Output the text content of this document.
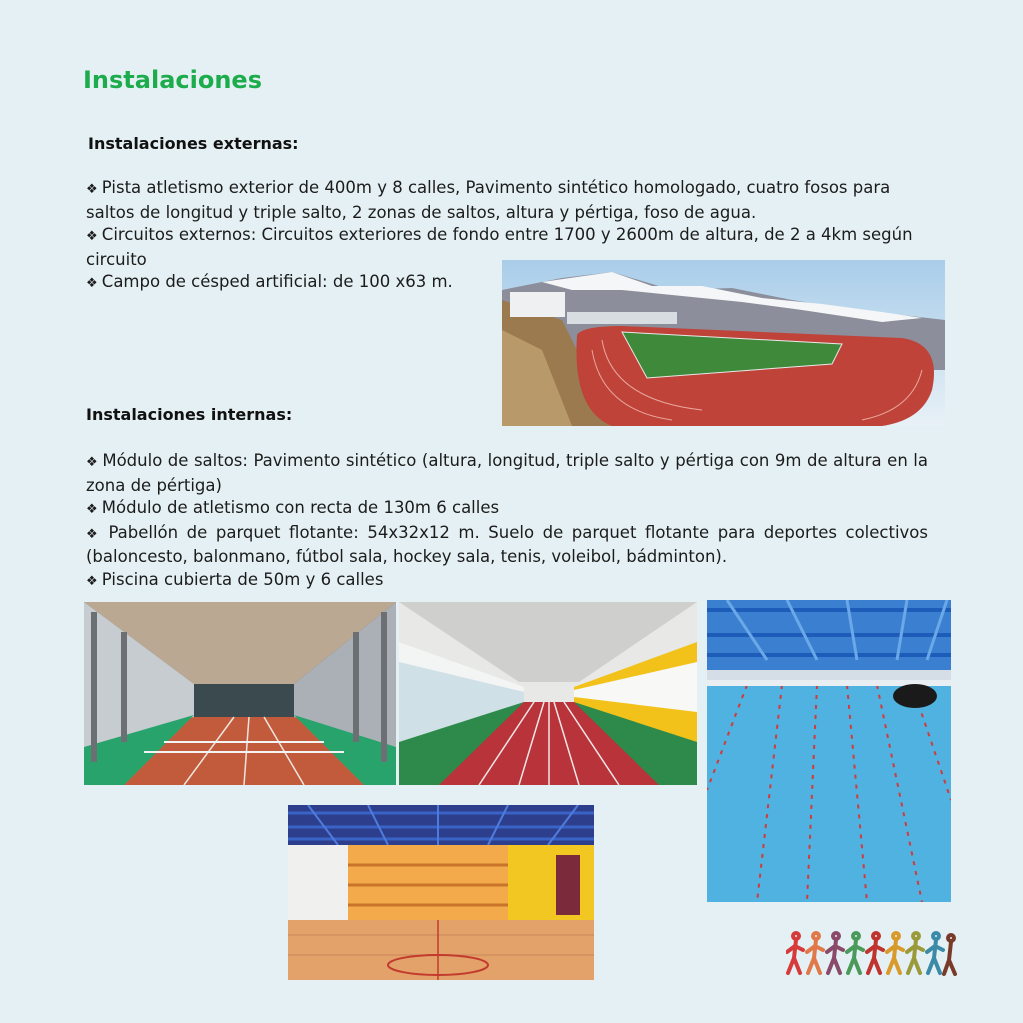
Instalaciones
Instalaciones externas:

❖ Pista atletismo exterior de 400m y 8 calles, Pavimento sintético homologado, cuatro fosos para saltos de longitud y triple salto, 2 zonas de saltos, altura y pértiga, foso de agua.

❖ Circuitos externos: Circuitos exteriores de fondo entre 1700 y 2600m de altura, de 2 a 4km según circuito

❖ Campo de césped artificial: de 100 x63 m.

Instalaciones internas:

❖ Módulo de saltos: Pavimento sintético (altura, longitud, triple salto y pértiga con 9m de altura en la zona de pértiga)

❖ Módulo de atletismo con recta de 130m 6 calles

❖ Pabellón de parquet flotante: 54x32x12 m. Suelo de parquet flotante para deportes colectivos (baloncesto, balonmano, fútbol sala, hockey sala, tenis, voleibol, bádminton).

❖ Piscina cubierta de 50m y 6 calles
